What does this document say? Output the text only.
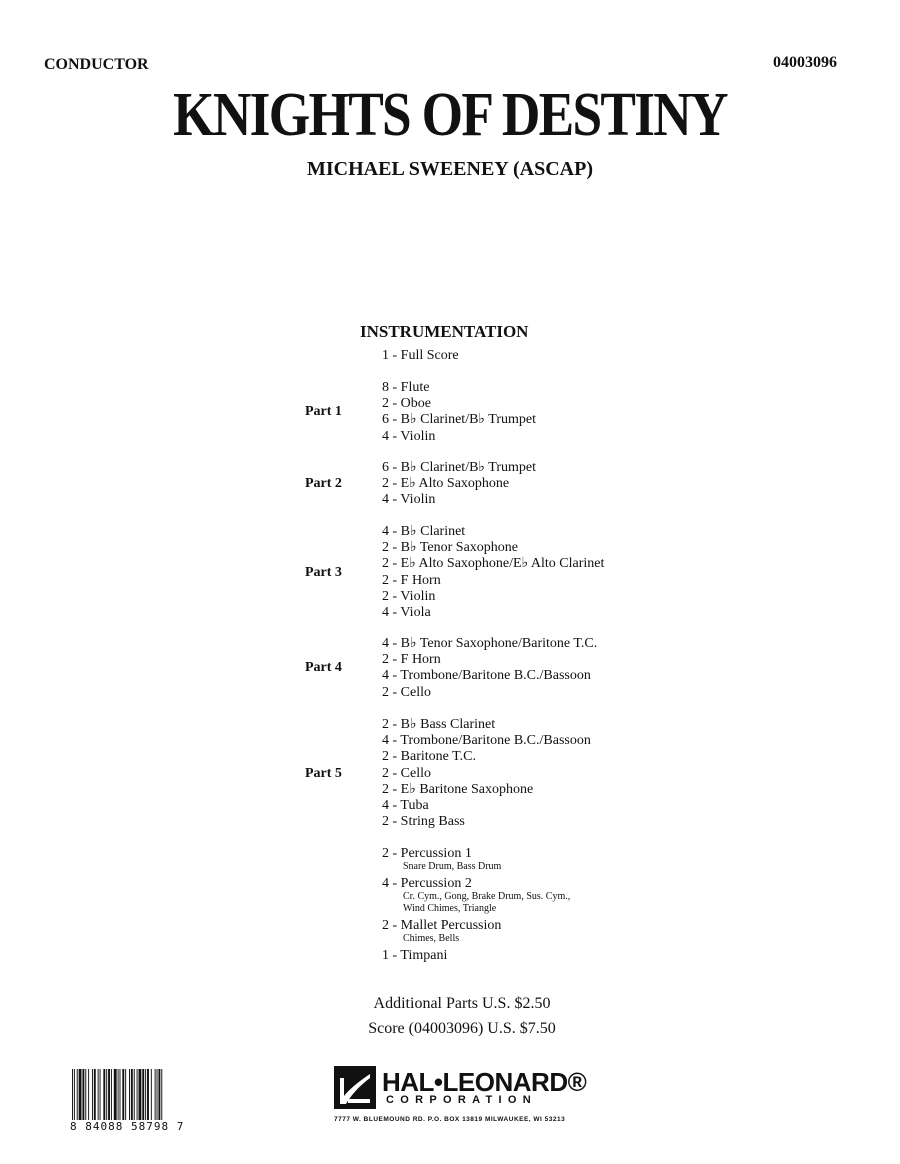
CONDUCTOR	04003096
KNIGHTS OF DESTINY
MICHAEL SWEENEY (ASCAP)
INSTRUMENTATION
1 - Full Score
8 - Flute
2 - Oboe
6 - B♭ Clarinet/B♭ Trumpet
4 - Violin
Part 1
6 - B♭ Clarinet/B♭ Trumpet
2 - E♭ Alto Saxophone
4 - Violin
Part 2
4 - B♭ Clarinet
2 - B♭ Tenor Saxophone
2 - E♭ Alto Saxophone/E♭ Alto Clarinet
2 - F Horn
2 - Violin
4 - Viola
Part 3
4 - B♭ Tenor Saxophone/Baritone T.C.
2 - F Horn
4 - Trombone/Baritone B.C./Bassoon
2 - Cello
Part 4
2 - B♭ Bass Clarinet
4 - Trombone/Baritone B.C./Bassoon
2 - Baritone T.C.
2 - Cello
2 - E♭ Baritone Saxophone
4 - Tuba
2 - String Bass
Part 5
2 - Percussion 1
Snare Drum, Bass Drum
4 - Percussion 2
Cr. Cym., Gong, Brake Drum, Sus. Cym.,
Wind Chimes, Triangle
2 - Mallet Percussion
Chimes, Bells
1 - Timpani
Additional Parts U.S. $2.50
Score (04003096) U.S. $7.50
8 84088 58798 7
HAL•LEONARD®
CORPORATION
7777 W. BLUEMOUND RD. P.O. BOX 13819 MILWAUKEE, WI 53213
